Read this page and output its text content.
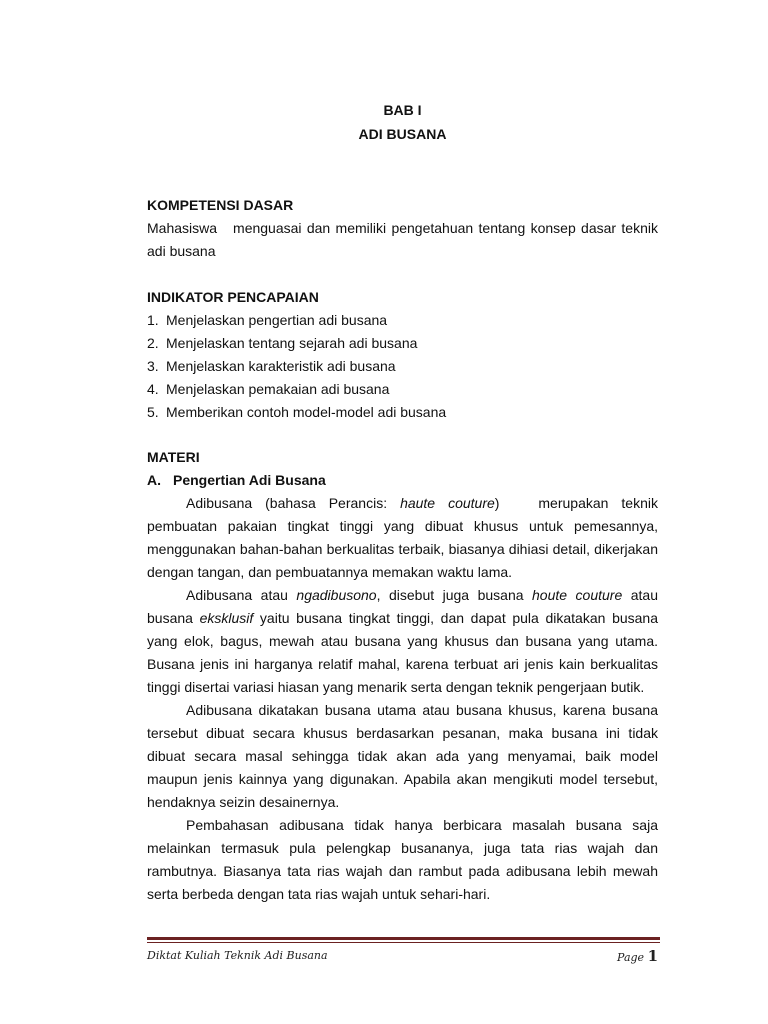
BAB I
ADI BUSANA
KOMPETENSI DASAR

Mahasiswa   menguasai dan memiliki pengetahuan tentang konsep dasar teknik adi busana

INDIKATOR PENCAPAIAN
1. Menjelaskan pengertian adi busana
2. Menjelaskan tentang sejarah adi busana
3. Menjelaskan karakteristik adi busana
4. Menjelaskan pemakaian adi busana
5. Memberikan contoh model-model adi busana
MATERI
A. Pengertian Adi Busana

Adibusana (bahasa Perancis: haute couture)   merupakan teknik pembuatan pakaian tingkat tinggi yang dibuat khusus untuk pemesannya, menggunakan bahan-bahan berkualitas terbaik, biasanya dihiasi detail, dikerjakan dengan tangan, dan pembuatannya memakan waktu lama.

Adibusana atau ngadibusono, disebut juga busana houte couture atau busana eksklusif yaitu busana tingkat tinggi, dan dapat pula dikatakan busana yang elok, bagus, mewah atau busana yang khusus dan busana yang utama. Busana jenis ini harganya relatif mahal, karena terbuat ari jenis kain berkualitas tinggi disertai variasi hiasan yang menarik serta dengan teknik pengerjaan butik.

Adibusana dikatakan busana utama atau busana khusus, karena busana tersebut dibuat secara khusus berdasarkan pesanan, maka busana ini tidak dibuat secara masal sehingga tidak akan ada yang menyamai, baik model maupun jenis kainnya yang digunakan. Apabila akan mengikuti model tersebut, hendaknya seizin desainernya.

Pembahasan adibusana tidak hanya berbicara masalah busana saja melainkan termasuk pula pelengkap busananya, juga tata rias wajah dan rambutnya. Biasanya tata rias wajah dan rambut pada adibusana lebih mewah serta berbeda dengan tata rias wajah untuk sehari-hari.

Diktat Kuliah Teknik Adi Busana	Page 1
